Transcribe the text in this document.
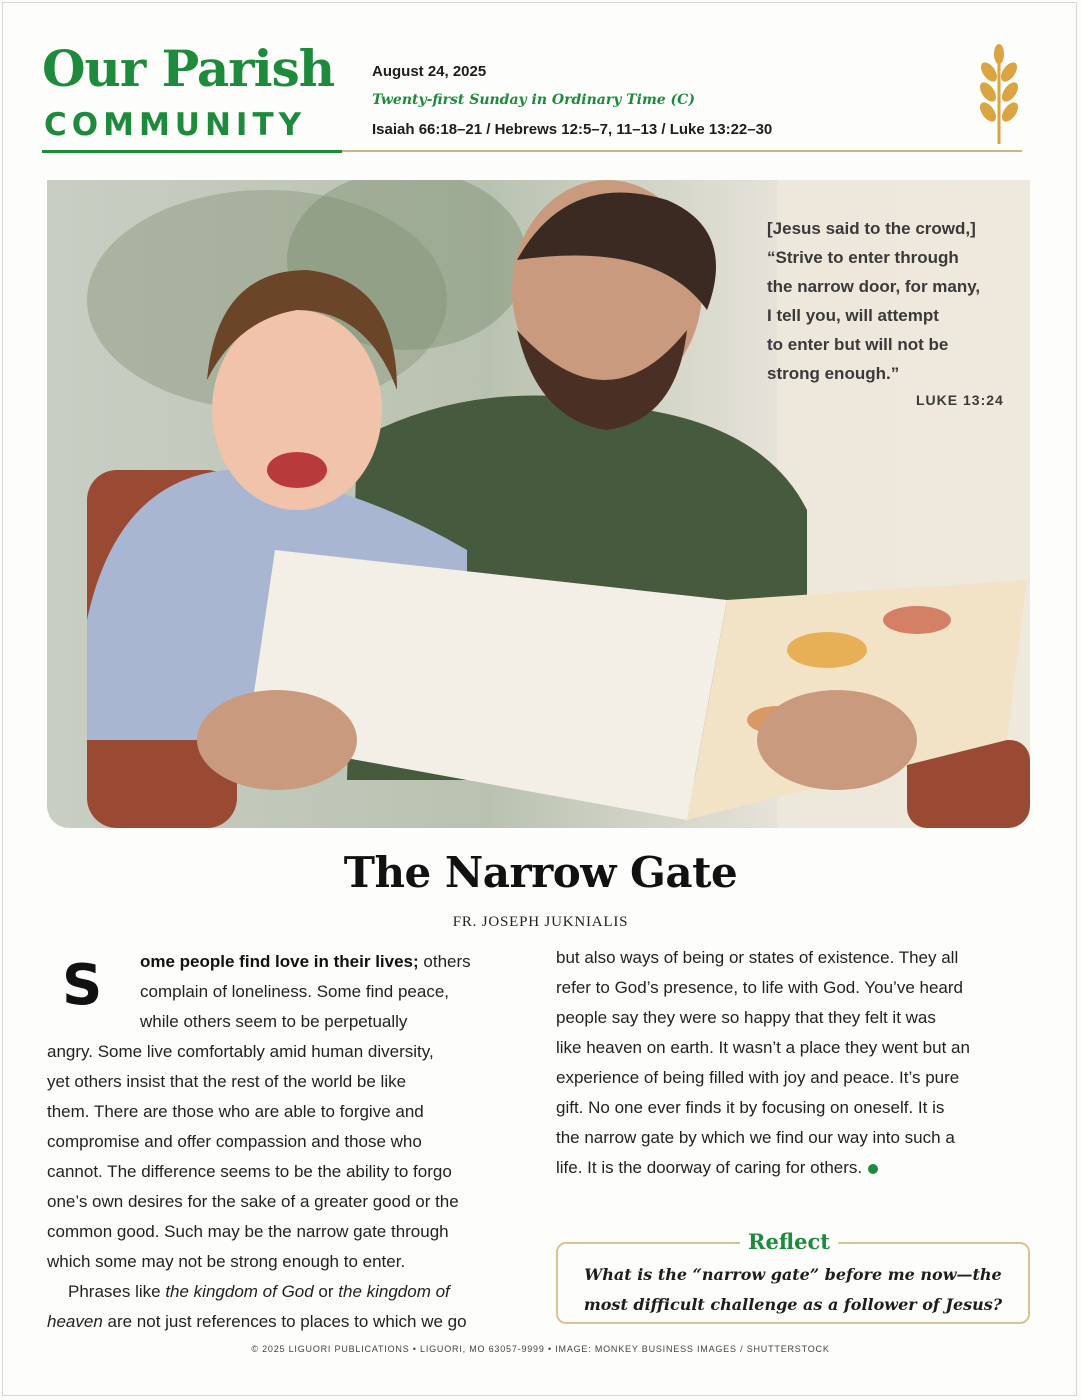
Our Parish
COMMUNITY
August 24, 2025
Twenty-first Sunday in Ordinary Time (C)
Isaiah 66:18–21 / Hebrews 12:5–7, 11–13 / Luke 13:22–30
[Jesus said to the crowd,]
“Strive to enter through
the narrow door, for many,
I tell you, will attempt
to enter but will not be
strong enough.”
LUKE 13:24
The Narrow Gate
FR. JOSEPH JUKNIALIS
S ome people find love in their lives; others
complain of loneliness. Some find peace,
while others seem to be perpetually
angry. Some live comfortably amid human diversity,
yet others insist that the rest of the world be like
them. There are those who are able to forgive and
compromise and offer compassion and those who
cannot. The difference seems to be the ability to forgo
one’s own desires for the sake of a greater good or the
common good. Such may be the narrow gate through
which some may not be strong enough to enter.
Phrases like the kingdom of God or the kingdom of
heaven are not just references to places to which we go
but also ways of being or states of existence. They all
refer to God’s presence, to life with God. You’ve heard
people say they were so happy that they felt it was
like heaven on earth. It wasn’t a place they went but an
experience of being filled with joy and peace. It’s pure
gift. No one ever finds it by focusing on oneself. It is
the narrow gate by which we find our way into such a
life. It is the doorway of caring for others.
Reflect
What is the “narrow gate” before me now—the
most difficult challenge as a follower of Jesus?
© 2025 LIGUORI PUBLICATIONS • LIGUORI, MO 63057-9999 • IMAGE: MONKEY BUSINESS IMAGES / SHUTTERSTOCK
